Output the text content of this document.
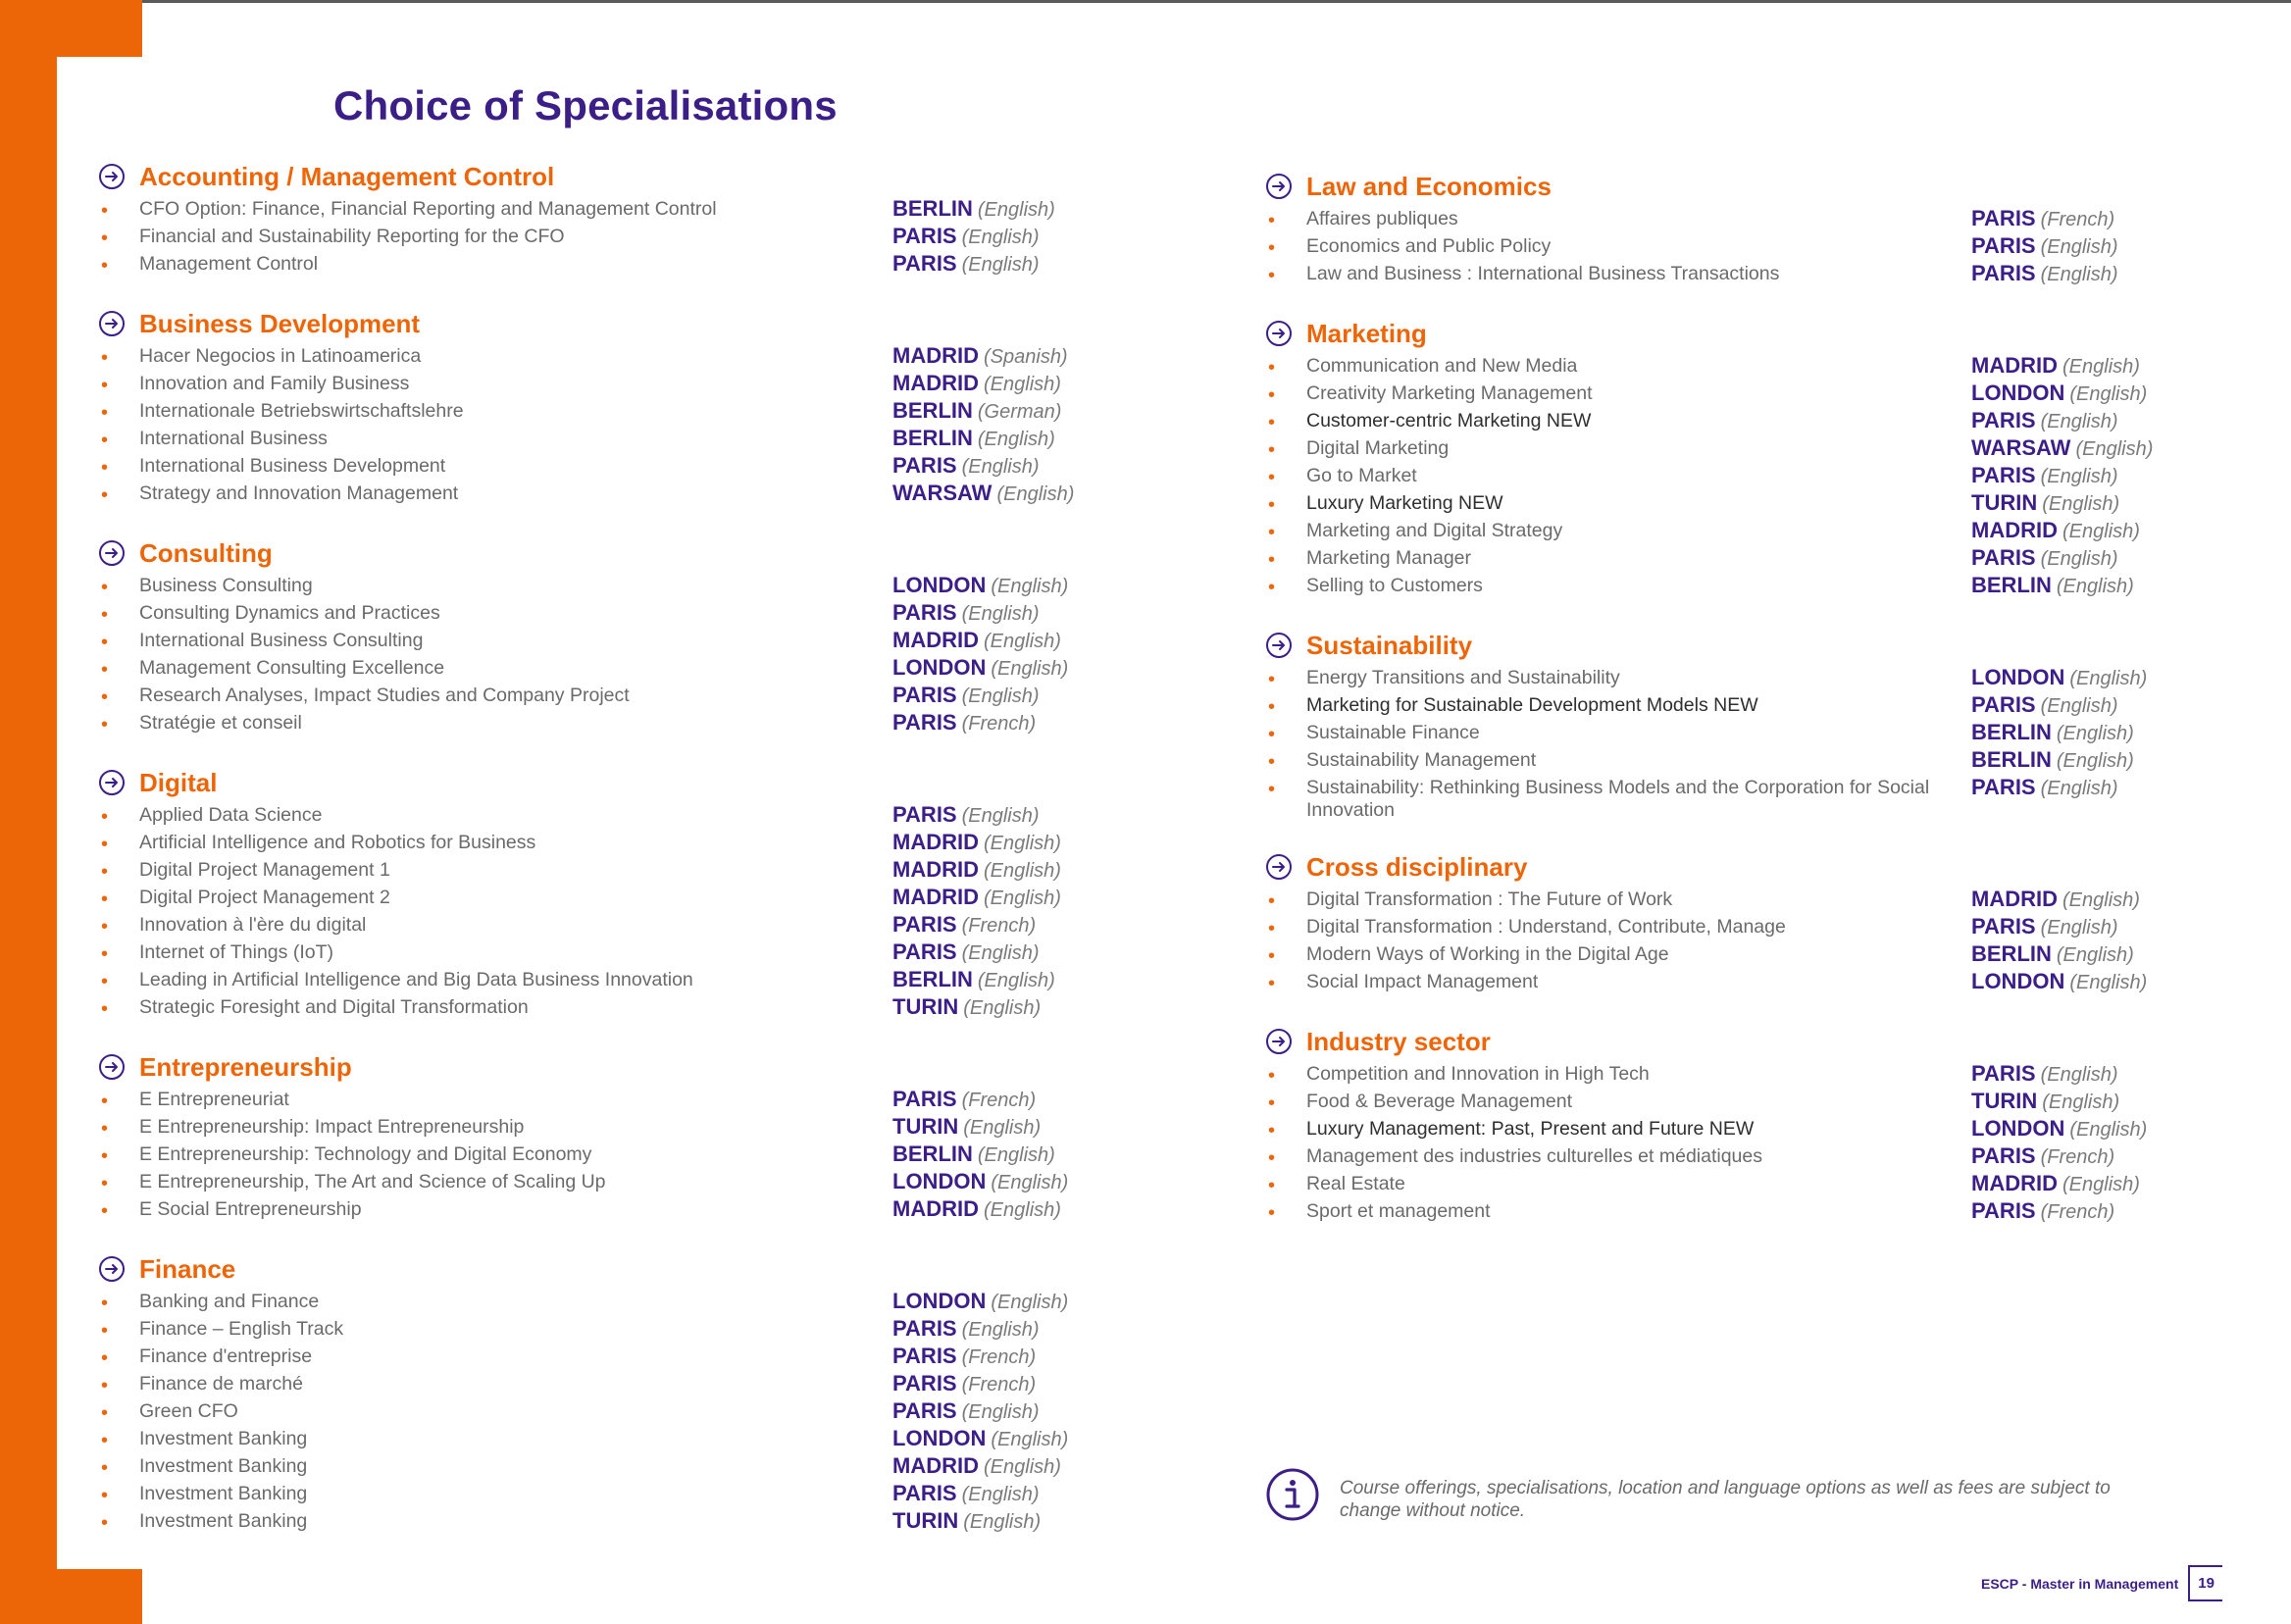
Choice of Specialisations
Accounting / Management Control
• CFO Option: Finance, Financial Reporting and Management Control	BERLIN (English)
• Financial and Sustainability Reporting for the CFO	PARIS (English)
• Management Control	PARIS (English)
Business Development
• Hacer Negocios in Latinoamerica	MADRID (Spanish)
• Innovation and Family Business	MADRID (English)
• Internationale Betriebswirtschaftslehre	BERLIN (German)
• International Business	BERLIN (English)
• International Business Development	PARIS (English)
• Strategy and Innovation Management	WARSAW (English)
Consulting
• Business Consulting	LONDON (English)
• Consulting Dynamics and Practices	PARIS (English)
• International Business Consulting	MADRID (English)
• Management Consulting Excellence	LONDON (English)
• Research Analyses, Impact Studies and Company Project	PARIS (English)
• Stratégie et conseil	PARIS (French)
Digital
• Applied Data Science	PARIS (English)
• Artificial Intelligence and Robotics for Business	MADRID (English)
• Digital Project Management 1	MADRID (English)
• Digital Project Management 2	MADRID (English)
• Innovation à l'ère du digital	PARIS (French)
• Internet of Things (IoT)	PARIS (English)
• Leading in Artificial Intelligence and Big Data Business Innovation	BERLIN (English)
• Strategic Foresight and Digital Transformation	TURIN (English)
Entrepreneurship
• E Entrepreneuriat	PARIS (French)
• E Entrepreneurship: Impact Entrepreneurship	TURIN (English)
• E Entrepreneurship: Technology and Digital Economy	BERLIN (English)
• E Entrepreneurship, The Art and Science of Scaling Up	LONDON (English)
• E Social Entrepreneurship	MADRID (English)
Finance
• Banking and Finance	LONDON (English)
• Finance – English Track	PARIS (English)
• Finance d'entreprise	PARIS (French)
• Finance de marché	PARIS (French)
• Green CFO	PARIS (English)
• Investment Banking	LONDON (English)
• Investment Banking	MADRID (English)
• Investment Banking	PARIS (English)
• Investment Banking	TURIN (English)
Law and Economics
• Affaires publiques	PARIS (French)
• Economics and Public Policy	PARIS (English)
• Law and Business : International Business Transactions	PARIS (English)
Marketing
• Communication and New Media	MADRID (English)
• Creativity Marketing Management	LONDON (English)
• Customer-centric Marketing NEW	PARIS (English)
• Digital Marketing	WARSAW (English)
• Go to Market	PARIS (English)
• Luxury Marketing NEW	TURIN (English)
• Marketing and Digital Strategy	MADRID (English)
• Marketing Manager	PARIS (English)
• Selling to Customers	BERLIN (English)
Sustainability
• Energy Transitions and Sustainability	LONDON (English)
• Marketing for Sustainable Development Models NEW	PARIS (English)
• Sustainable Finance	BERLIN (English)
• Sustainability Management	BERLIN (English)
• Sustainability: Rethinking Business Models and the Corporation for Social Innovation
PARIS (English)
Cross disciplinary
• Digital Transformation : The Future of Work	MADRID (English)
• Digital Transformation : Understand, Contribute, Manage	PARIS (English)
• Modern Ways of Working in the Digital Age	BERLIN (English)
• Social Impact Management	LONDON (English)
Industry sector
• Competition and Innovation in High Tech	PARIS (English)
• Food & Beverage Management	TURIN (English)
• Luxury Management: Past, Present and Future NEW	LONDON (English)
• Management des industries culturelles et médiatiques	PARIS (French)
• Real Estate	MADRID (English)
• Sport et management	PARIS (French)
Course offerings, specialisations, location and language options as well as fees are subject to change without notice.
ESCP - Master in Management	19
